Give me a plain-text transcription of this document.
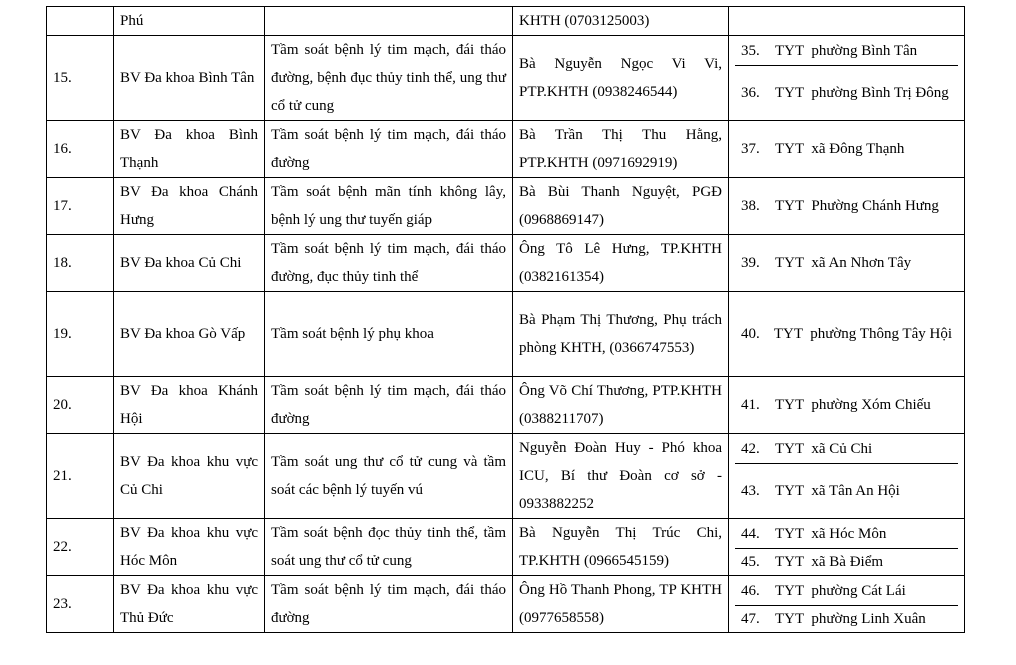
	Phú		KHTH (0703125003)	
15.	BV Đa khoa Bình Tân	Tầm soát bệnh lý tim mạch, đái tháo đường, bệnh đục thủy tinh thể, ung thư cổ tử cung	Bà Nguyễn Ngọc Vi Vi, PTP.KHTH (0938246544)	35. TYT  phường Bình Tân
36. TYT  phường Bình Trị Đông

16.	BV Đa khoa Bình Thạnh	Tầm soát bệnh lý tim mạch, đái tháo đường	Bà Trần Thị Thu Hằng, PTP.KHTH (0971692919)	37. TYT  xã Đông Thạnh

17.	BV Đa khoa Chánh Hưng	Tầm soát bệnh mãn tính không lây, bệnh lý ung thư tuyến giáp	Bà Bùi Thanh Nguyệt, PGĐ (0968869147)	38. TYT  Phường Chánh Hưng

18.	BV Đa khoa Củ Chi	Tầm soát bệnh lý tim mạch, đái tháo đường, đục thủy tinh thể	Ông Tô Lê Hưng, TP.KHTH (0382161354)	39. TYT  xã An Nhơn Tây

19.	BV Đa khoa Gò Vấp	Tầm soát bệnh lý phụ khoa	Bà Phạm Thị Thương, Phụ trách phòng KHTH, (0366747553)	40. TYT  phường Thông Tây Hội

20.	BV Đa khoa Khánh Hội	Tầm soát bệnh lý tim mạch, đái tháo đường	Ông Võ Chí Thương, PTP.KHTH (0388211707)	41. TYT  phường Xóm Chiếu

21.	BV Đa khoa khu vực Củ Chi	Tầm soát ung thư cổ tử cung và tầm soát các bệnh lý tuyến vú	Nguyễn Đoàn Huy - Phó khoa ICU, Bí thư Đoàn cơ sở - 0933882252	42. TYT  xã Củ Chi
43. TYT  xã Tân An Hội

22.	BV Đa khoa khu vực Hóc Môn	Tầm soát bệnh đọc thủy tinh thể, tầm soát ung thư cổ tử cung	Bà Nguyễn Thị Trúc Chi, TP.KHTH (0966545159)	44. TYT  xã Hóc Môn
45. TYT  xã Bà Điểm

23.	BV Đa khoa khu vực Thủ Đức	Tầm soát bệnh lý tim mạch, đái tháo đường	Ông Hồ Thanh Phong, TP KHTH (0977658558)	46. TYT  phường Cát Lái
47. TYT  phường Linh Xuân
